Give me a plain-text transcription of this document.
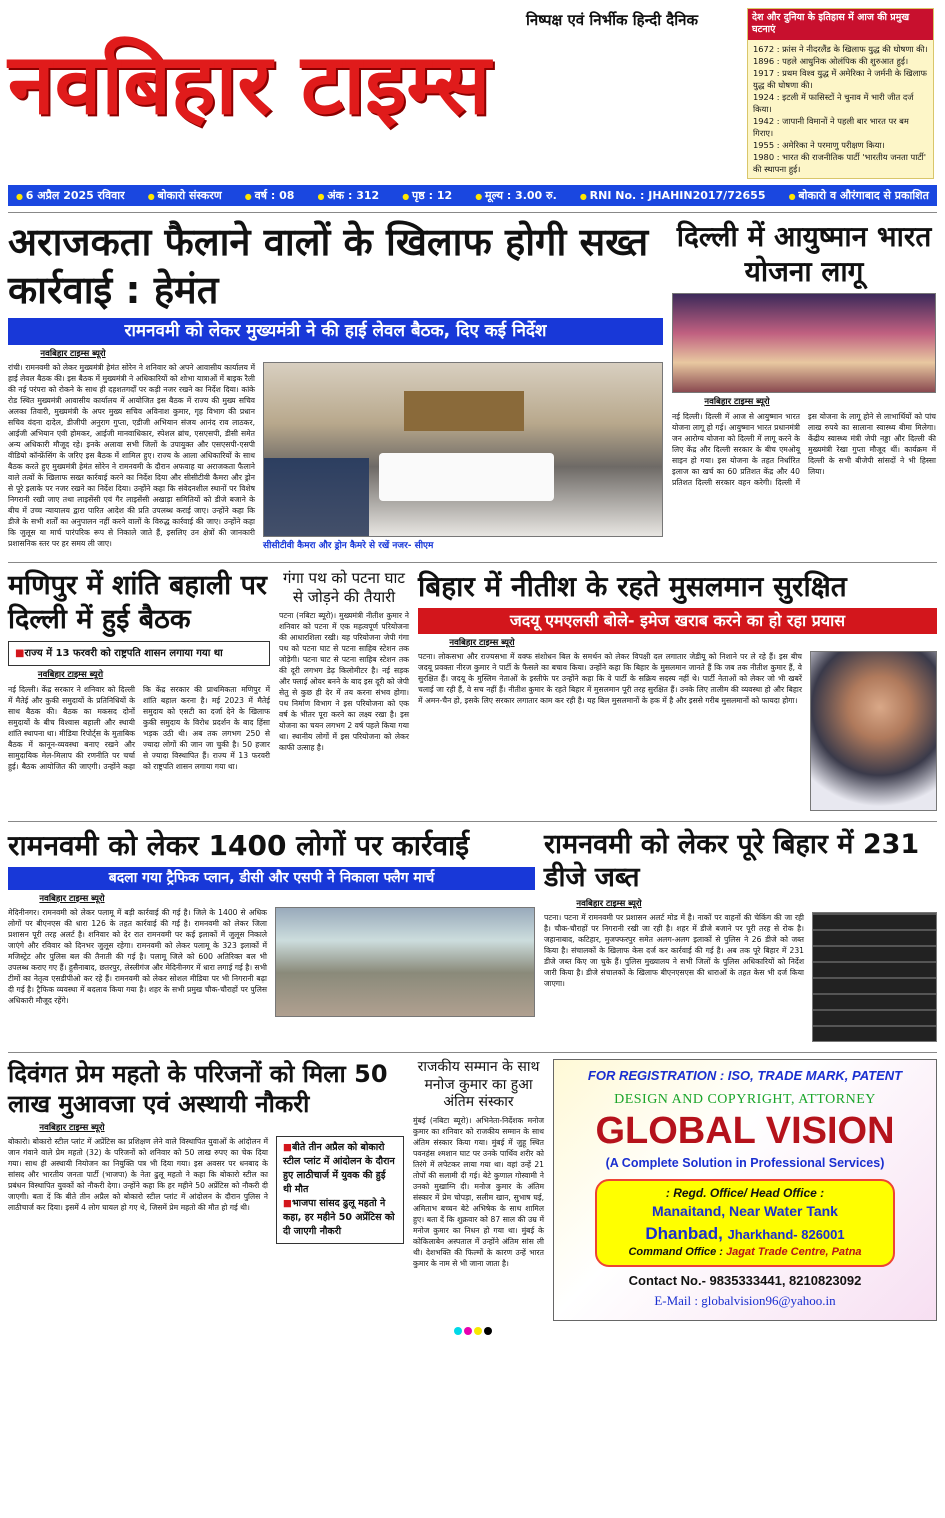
निष्पक्ष एवं निर्भीक हिन्दी दैनिक
नवबिहार टाइम्स
देश और दुनिया के इतिहास में आज की प्रमुख घटनाएं
1672 : फ्रांस ने नीदरलैंड के खिलाफ युद्ध की घोषणा की।
1896 : पहले आधुनिक ओलंपिक की शुरुआत हुई।
1917 : प्रथम विश्व युद्ध में अमेरिका ने जर्मनी के खिलाफ युद्ध की घोषणा की।
1924 : इटली में फासिस्टों ने चुनाव में भारी जीत दर्ज किया।
1942 : जापानी विमानों ने पहली बार भारत पर बम गिराए।
1955 : अमेरिका ने परमाणु परीक्षण किया।
1980 : भारत की राजनीतिक पार्टी 'भारतीय जनता पार्टी' की स्थापना हुई।
● 6 अप्रैल 2025 रविवार	● बोकारो संस्करण	● वर्ष : 08	● अंक : 312	● पृष्ठ : 12	● मूल्य : 3.00 रु.	● RNI No. : JHAHIN2017/72655	● बोकारो व औरंगाबाद से प्रकाशित
अराजकता फैलाने वालों के खिलाफ होगी सख्त कार्रवाई : हेमंत
रामनवमी को लेकर मुख्यमंत्री ने की हाई लेवल बैठक, दिए कई निर्देश
नवबिहार टाइम्स ब्यूरो
सीसीटीवी कैमरा और ड्रोन कैमरे से रखें नजर- सीएम
रांची। रामनवमी को लेकर मुख्यमंत्री हेमंत सोरेन ने शनिवार को अपने आवासीय कार्यालय में हाई लेवल बैठक की। इस बैठक में मुख्यमंत्री ने अधिकारियों को शोभा यात्राओं में बाइक रैली की नई परंपरा को रोकने के साथ ही दहशतगर्दों पर कड़ी नजर रखने का निर्देश दिया। कांके रोड स्थित मुख्यमंत्री आवासीय कार्यालय में आयोजित इस बैठक में राज्य की मुख्य सचिव अलका तिवारी, मुख्यमंत्री के अपर मुख्य सचिव अविनाश कुमार, गृह विभाग की प्रधान सचिव वंदना दादेल, डीजीपी अनुराग गुप्ता, एडीजी अभियान संजय आनंद राव लाठकर, आईजी अभियान एवी होमकर, आईजी मानवाधिकार, स्पेशल ब्रांच, एसएसपी, डीसी समेत अन्य अधिकारी मौजूद रहे। इनके अलावा सभी जिलों के उपायुक्त और एसएसपी-एसपी वीडियो कॉन्फ्रेंसिंग के जरिए इस बैठक में शामिल हुए। राज्य के आला अधिकारियों के साथ बैठक करते हुए मुख्यमंत्री हेमंत सोरेन ने रामनवमी के दौरान अफवाह या अराजकता फैलाने वाले तत्वों के खिलाफ सख्त कार्रवाई करने का निर्देश दिया और सीसीटीवी कैमरा और ड्रोन से पूरे इलाके पर नजर रखने का निर्देश दिया। उन्होंने कहा कि संवेदनशील स्थानों पर विशेष निगरानी रखी जाए तथा लाइसेंसी एवं गैर लाइसेंसी अखाड़ा समितियों को डीजे बजाने के बीच में उच्च न्यायालय द्वारा पारित आदेश की प्रति उपलब्ध कराई जाए। उन्होंने कहा कि डीजे के सभी शर्तों का अनुपालन नहीं करने वालों के विरुद्ध कार्रवाई की जाए। उन्होंने कहा कि जुलूस या मार्च पारंपरिक रूप से निकाले जाते हैं, इसलिए उन क्षेत्रों की जानकारी प्रशासनिक स्तर पर हर समय ली जाए।
दिल्ली में आयुष्मान भारत योजना लागू
नवबिहार टाइम्स ब्यूरो
नई दिल्ली। दिल्ली में आज से आयुष्मान भारत योजना लागू हो गई। आयुष्मान भारत प्रधानमंत्री जन आरोग्य योजना को दिल्ली में लागू करने के लिए केंद्र और दिल्ली सरकार के बीच एमओयू साइन हो गया। इस योजना के तहत निर्धारित इलाज का खर्च का 60 प्रतिशत केंद्र और 40 प्रतिशत दिल्ली सरकार वहन करेगी। दिल्ली में इस योजना के लागू होने से लाभार्थियों को पांच लाख रुपये का सालाना स्वास्थ्य बीमा मिलेगा। केंद्रीय स्वास्थ्य मंत्री जेपी नड्डा और दिल्ली की मुख्यमंत्री रेखा गुप्ता मौजूद थीं। कार्यक्रम में दिल्ली के सभी बीजेपी सांसदों ने भी हिस्सा लिया।
मणिपुर में शांति बहाली पर दिल्ली में हुई बैठक
■राज्य में 13 फरवरी को राष्ट्रपति शासन लगाया गया था
नवबिहार टाइम्स ब्यूरो
नई दिल्ली। केंद्र सरकार ने शनिवार को दिल्ली में मैतेई और कुकी समुदायों के प्रतिनिधियों के साथ बैठक की। बैठक का मकसद दोनों समुदायों के बीच विश्वास बहाली और स्थायी शांति स्थापना था। मीडिया रिपोर्ट्स के मुताबिक बैठक में कानून-व्यवस्था बनाए रखने और सामुदायिक मेल-मिलाप की रणनीति पर चर्चा हुई। बैठक आयोजित की जाएगी। उन्होंने कहा कि केंद्र सरकार की प्राथमिकता मणिपुर में शांति बहाल करना है। मई 2023 में मैतेई समुदाय को एसटी का दर्जा देने के खिलाफ कुकी समुदाय के विरोध प्रदर्शन के बाद हिंसा भड़क उठी थी। अब तक लगभग 250 से ज्यादा लोगों की जान जा चुकी है। 50 हजार से ज्यादा विस्थापित हैं। राज्य में 13 फरवरी को राष्ट्रपति शासन लगाया गया था।
गंगा पथ को पटना घाट से जोड़ने की तैयारी
पटना (नबिटा ब्यूरो)। मुख्यमंत्री नीतीश कुमार ने शनिवार को पटना में एक महत्वपूर्ण परियोजना की आधारशिला रखी। यह परियोजना जेपी गंगा पथ को पटना घाट से पटना साहिब स्टेशन तक जोड़ेगी। पटना घाट से पटना साहिब स्टेशन तक की दूरी लगभग डेढ़ किलोमीटर है। नई सड़क और फ्लाई ओवर बनने के बाद इस दूरी को जेपी सेतु से कुछ ही देर में तय करना संभव होगा। पथ निर्माण विभाग ने इस परियोजना को एक वर्ष के भीतर पूरा करने का लक्ष्य रखा है। इस योजना का चयन लगभग 2 वर्ष पहले किया गया था। स्थानीय लोगों में इस परियोजना को लेकर काफी उत्साह है।
बिहार में नीतीश के रहते मुसलमान सुरक्षित
जदयू एमएलसी बोले- इमेज खराब करने का हो रहा प्रयास
नवबिहार टाइम्स ब्यूरो
पटना। लोकसभा और राज्यसभा में वक्फ संशोधन बिल के समर्थन को लेकर विपक्षी दल लगातार जेडीयू को निशाने पर ले रहे हैं। इस बीच जदयू प्रवक्ता नीरज कुमार ने पार्टी के फैसले का बचाव किया। उन्होंने कहा कि बिहार के मुसलमान जानते हैं कि जब तक नीतीश कुमार हैं, वे सुरक्षित हैं। जदयू के मुस्लिम नेताओं के इस्तीफे पर उन्होंने कहा कि वे पार्टी के सक्रिय सदस्य नहीं थे। पार्टी नेताओं को लेकर जो भी खबरें चलाई जा रही हैं, वे सच नहीं हैं। नीतीश कुमार के रहते बिहार में मुसलमान पूरी तरह सुरक्षित हैं। उनके लिए तालीम की व्यवस्था हो और बिहार में अमन-चैन हो, इसके लिए सरकार लगातार काम कर रही है। यह बिल मुसलमानों के हक में है और इससे गरीब मुसलमानों को फायदा होगा।
रामनवमी को लेकर 1400 लोगों पर कार्रवाई
बदला गया ट्रैफिक प्लान, डीसी और एसपी ने निकाला फ्लैग मार्च
नवबिहार टाइम्स ब्यूरो
मेदिनीनगर। रामनवमी को लेकर पलामू में बड़ी कार्रवाई की गई है। जिले के 1400 से अधिक लोगों पर बीएनएस की धारा 126 के तहत कार्रवाई की गई है। रामनवमी को लेकर जिला प्रशासन पूरी तरह अलर्ट है। शनिवार को देर रात रामनवमी पर कई इलाकों में जुलूस निकाले जाएंगे और रविवार को दिनभर जुलूस रहेगा। रामनवमी को लेकर पलामू के 323 इलाकों में मजिस्ट्रेट और पुलिस बल की तैनाती की गई है। पलामू जिले को 600 अतिरिक्त बल भी उपलब्ध कराए गए हैं। हुसैनाबाद, छतरपुर, लेस्लीगंज और मेदिनीनगर में धारा लगाई गई है। सभी टीमों का नेतृत्व एसडीपीओ कर रहे हैं। रामनवमी को लेकर सोशल मीडिया पर भी निगरानी बढ़ा दी गई है। ट्रैफिक व्यवस्था में बदलाव किया गया है। शहर के सभी प्रमुख चौक-चौराहों पर पुलिस अधिकारी मौजूद रहेंगे।
रामनवमी को लेकर पूरे बिहार में 231 डीजे जब्त
नवबिहार टाइम्स ब्यूरो
पटना। पटना में रामनवमी पर प्रशासन अलर्ट मोड में है। नाकों पर वाहनों की चेकिंग की जा रही है। चौक-चौराहों पर निगरानी रखी जा रही है। शहर में डीजे बजाने पर पूरी तरह से रोक है। जहानाबाद, कटिहार, मुजफ्फरपुर समेत अलग-अलग इलाकों से पुलिस ने 26 डीजे को जब्त किया है। संचालकों के खिलाफ केस दर्ज कर कार्रवाई की गई है। अब तक पूरे बिहार में 231 डीजे जब्त किए जा चुके हैं। पुलिस मुख्यालय ने सभी जिलों के पुलिस अधिकारियों को निर्देश जारी किया है। डीजे संचालकों के खिलाफ बीएनएसएस की धाराओं के तहत केस भी दर्ज किया जाएगा।
दिवंगत प्रेम महतो के परिजनों को मिला 50 लाख मुआवजा एवं अस्थायी नौकरी
नवबिहार टाइम्स ब्यूरो
■बीते तीन अप्रैल को बोकारो स्टील प्लांट में आंदोलन के दौरान हुए लाठीचार्ज में युवक की हुई थी मौत
■भाजपा सांसद ढुलू महतो ने कहा, हर महीने 50 अप्रेंटिस को दी जाएगी नौकरी
बोकारो। बोकारो स्टील प्लांट में अप्रेंटिस का प्रशिक्षण लेने वाले विस्थापित युवाओं के आंदोलन में जान गंवाने वाले प्रेम महतो (32) के परिजनों को शनिवार को 50 लाख रुपए का चेक दिया गया। साथ ही अस्थायी नियोजन का नियुक्ति पत्र भी दिया गया। इस अवसर पर धनबाद के सांसद और भारतीय जनता पार्टी (भाजपा) के नेता ढुलू महतो ने कहा कि बोकारो स्टील का प्रबंधन विस्थापित युवकों को नौकरी देगा। उन्होंने कहा कि हर महीने 50 अप्रेंटिस को नौकरी दी जाएगी। बता दें कि बीते तीन अप्रैल को बोकारो स्टील प्लांट में आंदोलन के दौरान पुलिस ने लाठीचार्ज कर दिया। इसमें 4 लोग घायल हो गए थे, जिसमें प्रेम महतो की मौत हो गई थी।
राजकीय सम्मान के साथ मनोज कुमार का हुआ अंतिम संस्कार
मुंबई (नबिटा ब्यूरो)। अभिनेता-निर्देशक मनोज कुमार का शनिवार को राजकीय सम्मान के साथ अंतिम संस्कार किया गया। मुंबई में जुहू स्थित पवनहंस श्मशान घाट पर उनके पार्थिव शरीर को तिरंगे में लपेटकर लाया गया था। वहां उन्हें 21 तोपों की सलामी दी गई। बेटे कुणाल गोस्वामी ने उनको मुखाग्नि दी। मनोज कुमार के अंतिम संस्कार में प्रेम चोपड़ा, सलीम खान, सुभाष घई, अमिताभ बच्चन बेटे अभिषेक के साथ शामिल हुए। बता दें कि शुक्रवार को 87 साल की उम्र में मनोज कुमार का निधन हो गया था। मुंबई के कोकिलाबेन अस्पताल में उन्होंने अंतिम सांस ली थी। देशभक्ति की फिल्मों के कारण उन्हें भारत कुमार के नाम से भी जाना जाता है।
FOR REGISTRATION : ISO, TRADE MARK, PATENT
DESIGN AND COPYRIGHT, ATTORNEY
GLOBAL VISION
(A Complete Solution in Professional Services)
: Regd. Office/ Head Office :
Manaitand, Near Water Tank
Dhanbad, Jharkhand- 826001
Command Office : Jagat Trade Centre, Patna
Contact No.- 9835333441, 8210823092
E-Mail : globalvision96@yahoo.in
